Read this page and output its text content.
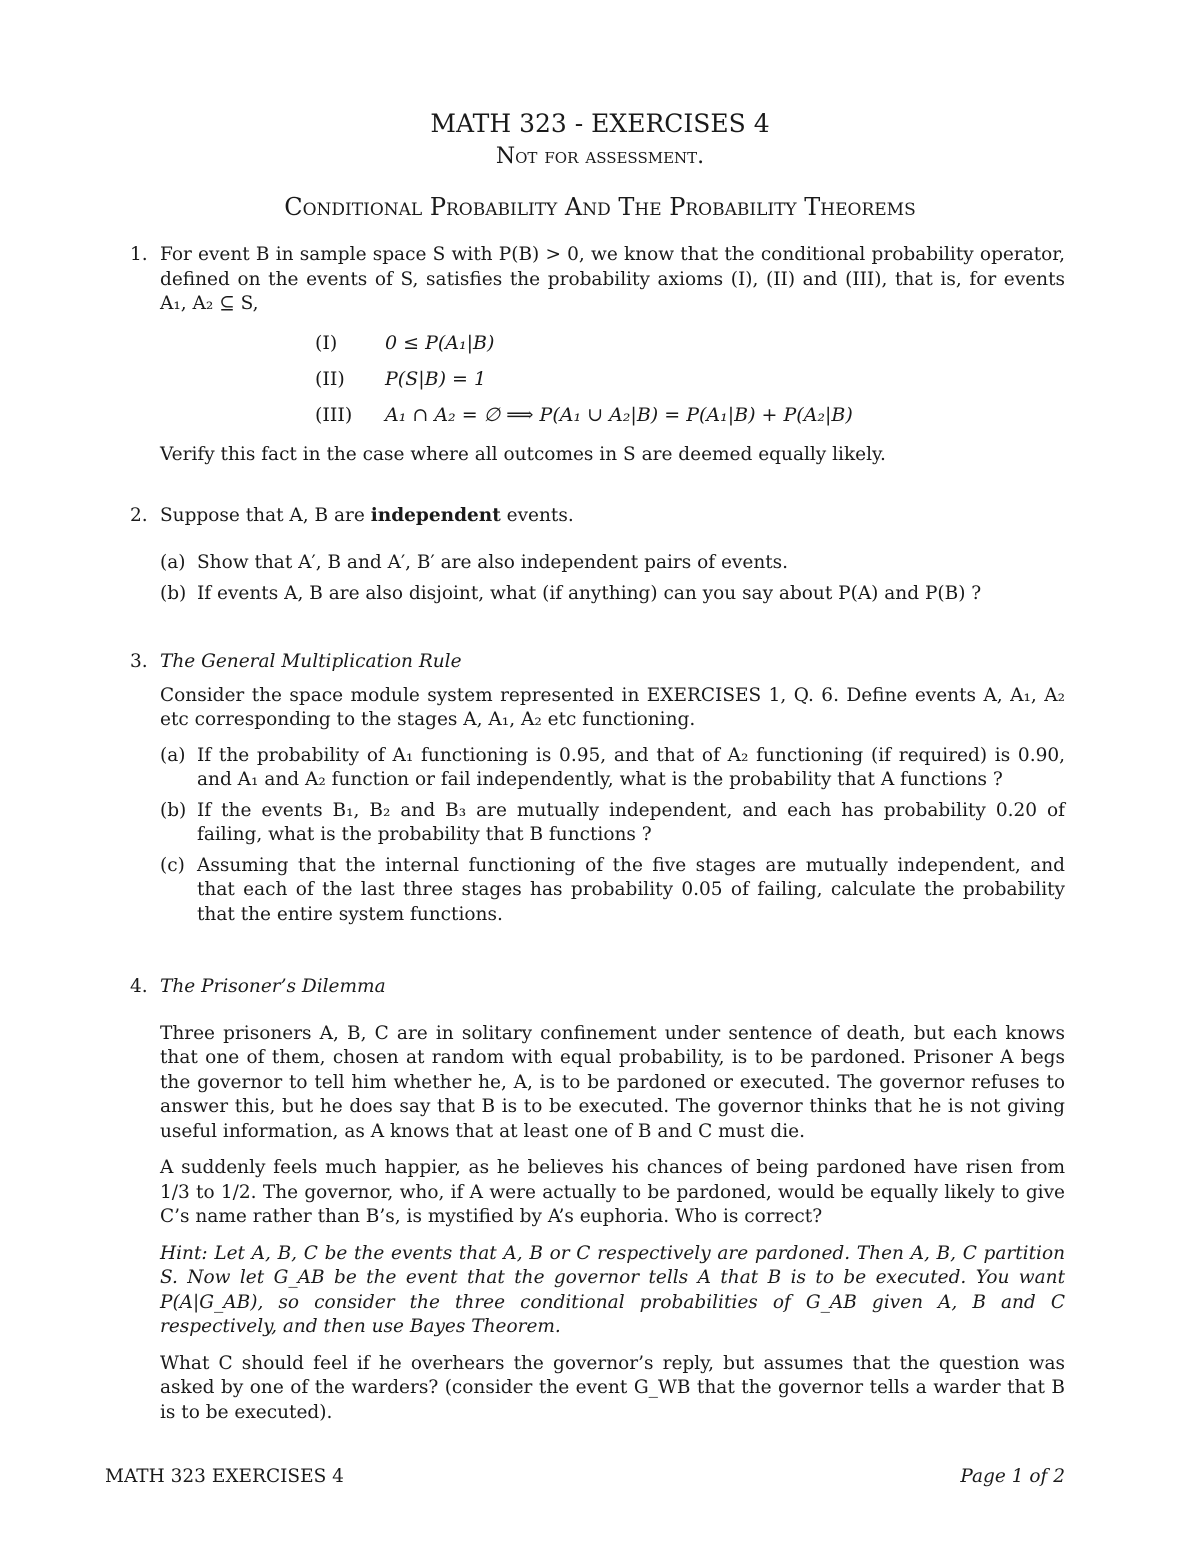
MATH 323 - EXERCISES 4
Not for assessment.
Conditional Probability And The Probability Theorems
1. For event B in sample space S with P(B) > 0, we know that the conditional probability operator, defined on the events of S, satisfies the probability axioms (I), (II) and (III), that is, for events A₁, A₂ ⊆ S,

(I)	0 ≤ P(A₁|B)
(II)	P(S|B) = 1
(III)	A₁ ∩ A₂ = ∅ ⟹ P(A₁ ∪ A₂|B) = P(A₁|B) + P(A₂|B)

Verify this fact in the case where all outcomes in S are deemed equally likely.

2. Suppose that A, B are independent events.

(a) Show that A′, B and A′, B′ are also independent pairs of events.
(b) If events A, B are also disjoint, what (if anything) can you say about P(A) and P(B) ?
3. The General Multiplication Rule

Consider the space module system represented in EXERCISES 1, Q. 6. Define events A, A₁, A₂ etc corresponding to the stages A, A₁, A₂ etc functioning.

(a) If the probability of A₁ functioning is 0.95, and that of A₂ functioning (if required) is 0.90, and A₁ and A₂ function or fail independently, what is the probability that A functions ?
(b) If the events B₁, B₂ and B₃ are mutually independent, and each has probability 0.20 of failing, what is the probability that B functions ?
(c) Assuming that the internal functioning of the five stages are mutually independent, and that each of the last three stages has probability 0.05 of failing, calculate the probability that the entire system functions.
4. The Prisoner’s Dilemma

Three prisoners A, B, C are in solitary confinement under sentence of death, but each knows that one of them, chosen at random with equal probability, is to be pardoned. Prisoner A begs the governor to tell him whether he, A, is to be pardoned or executed. The governor refuses to answer this, but he does say that B is to be executed. The governor thinks that he is not giving useful information, as A knows that at least one of B and C must die.

A suddenly feels much happier, as he believes his chances of being pardoned have risen from 1/3 to 1/2. The governor, who, if A were actually to be pardoned, would be equally likely to give C’s name rather than B’s, is mystified by A’s euphoria. Who is correct?

Hint: Let A, B, C be the events that A, B or C respectively are pardoned. Then A, B, C partition S. Now let G_AB be the event that the governor tells A that B is to be executed. You want P(A|G_AB), so consider the three conditional probabilities of G_AB given A, B and C respectively, and then use Bayes Theorem.

What C should feel if he overhears the governor’s reply, but assumes that the question was asked by one of the warders? (consider the event G_WB that the governor tells a warder that B is to be executed).

MATH 323 EXERCISES 4	Page 1 of 2
